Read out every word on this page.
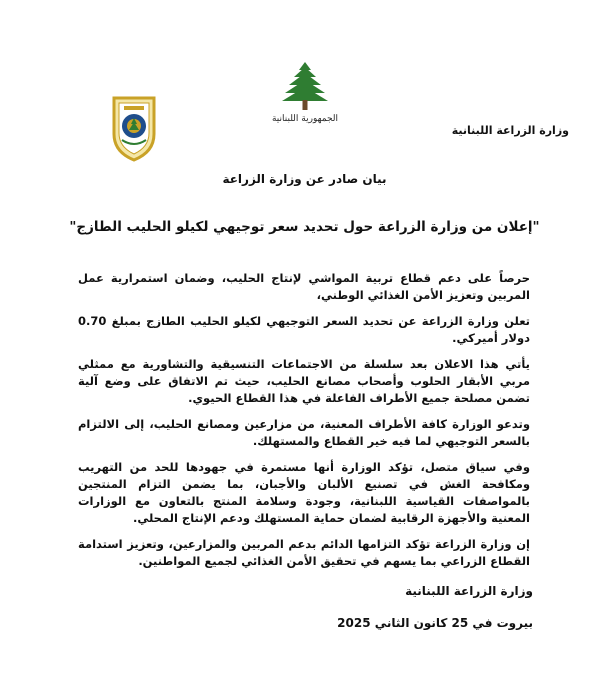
وزارة الزراعة اللبنانية
الجمهورية اللبنانية
بيان صادر عن وزارة الزراعة
"إعلان من وزارة الزراعة حول تحديد سعر توجيهي لكيلو الحليب الطازج"

حرصاً على دعم قطاع تربية المواشي لإنتاج الحليب، وضمان استمرارية عمل المربين وتعزيز الأمن الغذائي الوطني،

تعلن وزارة الزراعة عن تحديد السعر التوجيهي لكيلو الحليب الطازج بمبلغ 0.70 دولار أميركي.

يأتي هذا الاعلان بعد سلسلة من الاجتماعات التنسيقية والتشاورية مع ممثلي مربي الأبقار الحلوب وأصحاب مصانع الحليب، حيث تم الاتفاق على وضع آلية تضمن مصلحة جميع الأطراف الفاعلة في هذا القطاع الحيوي.

وتدعو الوزارة كافة الأطراف المعنية، من مزارعين ومصانع الحليب، إلى الالتزام بالسعر التوجيهي لما فيه خير القطاع والمستهلك.

وفي سياق متصل، تؤكد الوزارة أنها مستمرة في جهودها للحد من التهريب ومكافحة الغش في تصنيع الألبان والأجبان، بما يضمن التزام المنتجين بالمواصفات القياسية اللبنانية، وجودة وسلامة المنتج بالتعاون مع الوزارات المعنية والأجهزة الرقابية لضمان حماية المستهلك ودعم الإنتاج المحلي.

إن وزارة الزراعة تؤكد التزامها الدائم بدعم المربين والمزارعين، وتعزيز استدامة القطاع الزراعي بما يسهم في تحقيق الأمن الغذائي لجميع المواطنين.

وزارة الزراعة اللبنانية
بيروت في 25 كانون الثاني 2025
